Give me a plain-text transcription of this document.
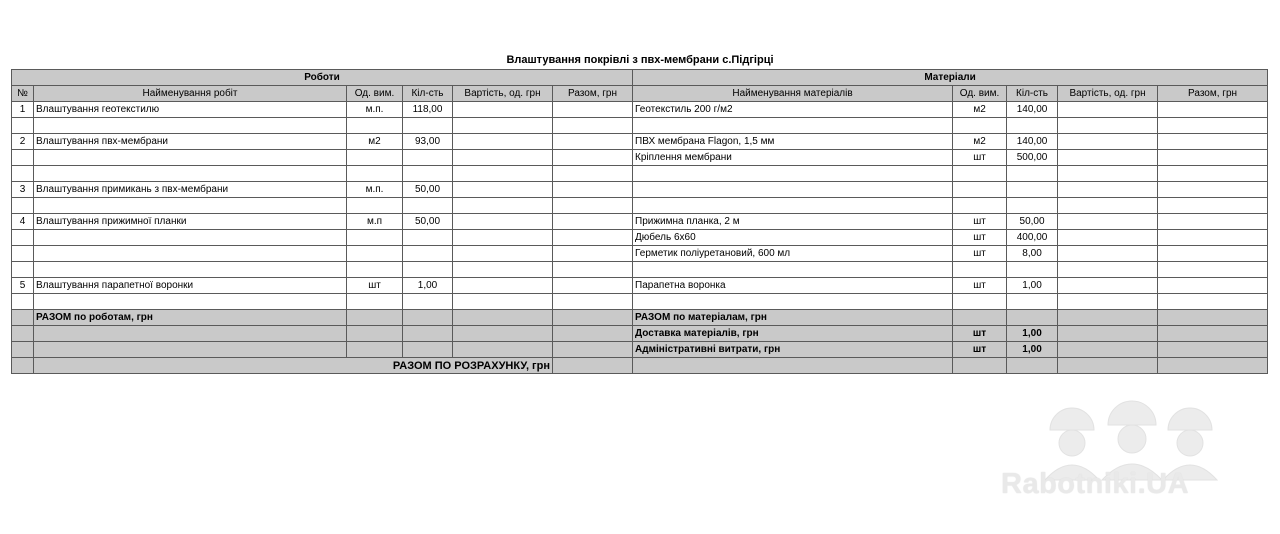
Влаштування покрівлі з пвх-мембрани с.Підгірці
Роботи						Матеріали				
№	Найменування робіт	Од. вим.	Кіл-сть	Вартість, од. грн	Разом, грн	Найменування матеріалів	Од. вим.	Кіл-сть	Вартість, од. грн	Разом, грн
1	Влаштування геотекстилю	м.п.	118,00			Геотекстиль 200 г/м2	м2	140,00		

2	Влаштування пвх-мембрани	м2	93,00			ПВХ мембрана Flagon, 1,5 мм	м2	140,00		
						Кріплення мембрани	шт	500,00		

3	Влаштування примикань з пвх-мембрани	м.п.	50,00							

4	Влаштування прижимної планки	м.п	50,00			Прижимна планка, 2 м	шт	50,00		
						Дюбель 6х60	шт	400,00		
						Герметик поліуретановий, 600 мл	шт	8,00		

5	Влаштування парапетної воронки	шт	1,00			Парапетна воронка	шт	1,00		

	РАЗОМ по роботам, грн					РАЗОМ по матеріалам, грн				
						Доставка матеріалів, грн	шт	1,00		
						Адміністративні витрати, грн	шт	1,00		
	РАЗОМ ПО РОЗРАХУНКУ, грн									
Rabotniki.UA
